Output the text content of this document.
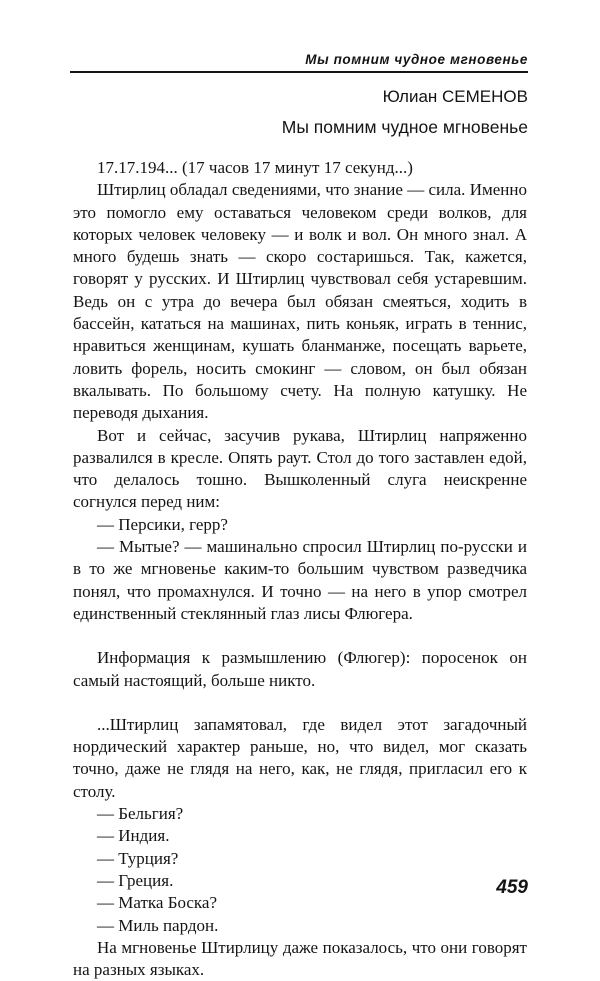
Мы помним чудное мгновенье
Юлиан СЕМЕНОВ
Мы помним чудное мгновенье

17.17.194... (17 часов 17 минут 17 секунд...)

Штирлиц обладал сведениями, что знание — сила. Именно это помогло ему оставаться человеком среди волков, для которых человек человеку — и волк и вол. Он много знал. А много будешь знать — скоро состаришься. Так, кажется, говорят у русских. И Штирлиц чувствовал себя устаревшим. Ведь он с утра до вечера был обязан смеяться, ходить в бассейн, кататься на машинах, пить коньяк, играть в теннис, нравиться женщинам, кушать бланманже, посещать варьете, ловить форель, носить смокинг — словом, он был обязан вкалывать. По большому счету. На полную катушку. Не переводя дыхания.

Вот и сейчас, засучив рукава, Штирлиц напряженно развалился в кресле. Опять раут. Стол до того заставлен едой, что делалось тошно. Вышколенный слуга неискренне согнулся перед ним:

— Персики, герр?

— Мытые? — машинально спросил Штирлиц по-русски и в то же мгновенье каким-то большим чувством разведчика понял, что промахнулся. И точно — на него в упор смотрел единственный стеклянный глаз лисы Флюгера.

Информация к размышлению (Флюгер): поросенок он самый настоящий, больше никто.

...Штирлиц запамятовал, где видел этот загадочный нордический характер раньше, но, что видел, мог сказать точно, даже не глядя на него, как, не глядя, пригласил его к столу.

— Бельгия?

— Индия.

— Турция?

— Греция.

— Матка Боска?

— Миль пардон.

На мгновенье Штирлицу даже показалось, что они говорят на разных языках.

459
